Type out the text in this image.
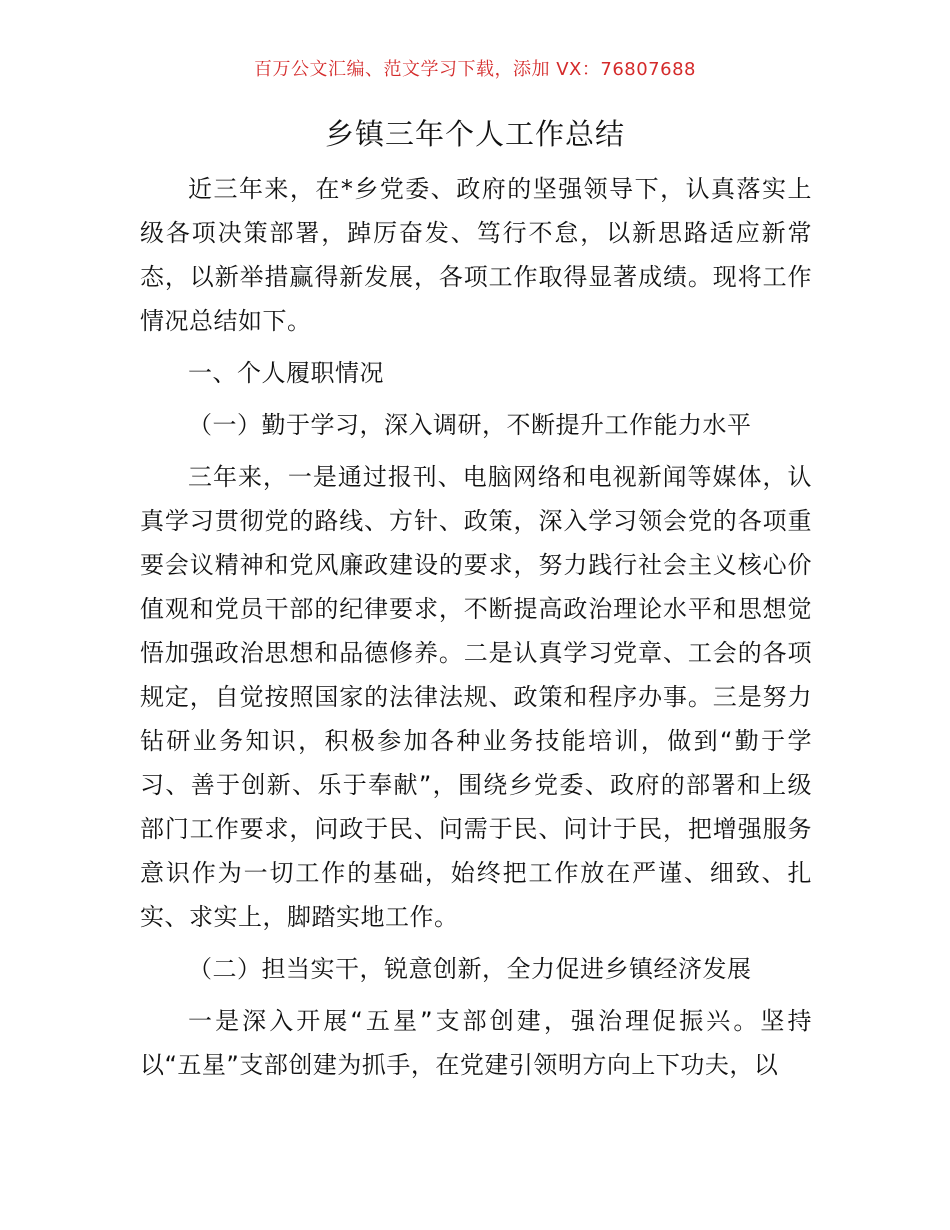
百万公文汇编、范文学习下载，添加 VX：76807688
乡镇三年个人工作总结

近三年来，在*乡党委、政府的坚强领导下，认真落实上级各项决策部署，踔厉奋发、笃行不怠，以新思路适应新常态，以新举措赢得新发展，各项工作取得显著成绩。现将工作情况总结如下。

一、个人履职情况

（一）勤于学习，深入调研，不断提升工作能力水平

三年来，一是通过报刊、电脑网络和电视新闻等媒体，认真学习贯彻党的路线、方针、政策，深入学习领会党的各项重要会议精神和党风廉政建设的要求，努力践行社会主义核心价值观和党员干部的纪律要求，不断提高政治理论水平和思想觉悟加强政治思想和品德修养。二是认真学习党章、工会的各项规定，自觉按照国家的法律法规、政策和程序办事。三是努力钻研业务知识，积极参加各种业务技能培训，做到“勤于学习、善于创新、乐于奉献”，围绕乡党委、政府的部署和上级部门工作要求，问政于民、问需于民、问计于民，把增强服务意识作为一切工作的基础，始终把工作放在严谨、细致、扎实、求实上，脚踏实地工作。

（二）担当实干，锐意创新，全力促进乡镇经济发展

一是深入开展“五星”支部创建，强治理促振兴。坚持以“五星”支部创建为抓手，在党建引领明方向上下功夫，以
